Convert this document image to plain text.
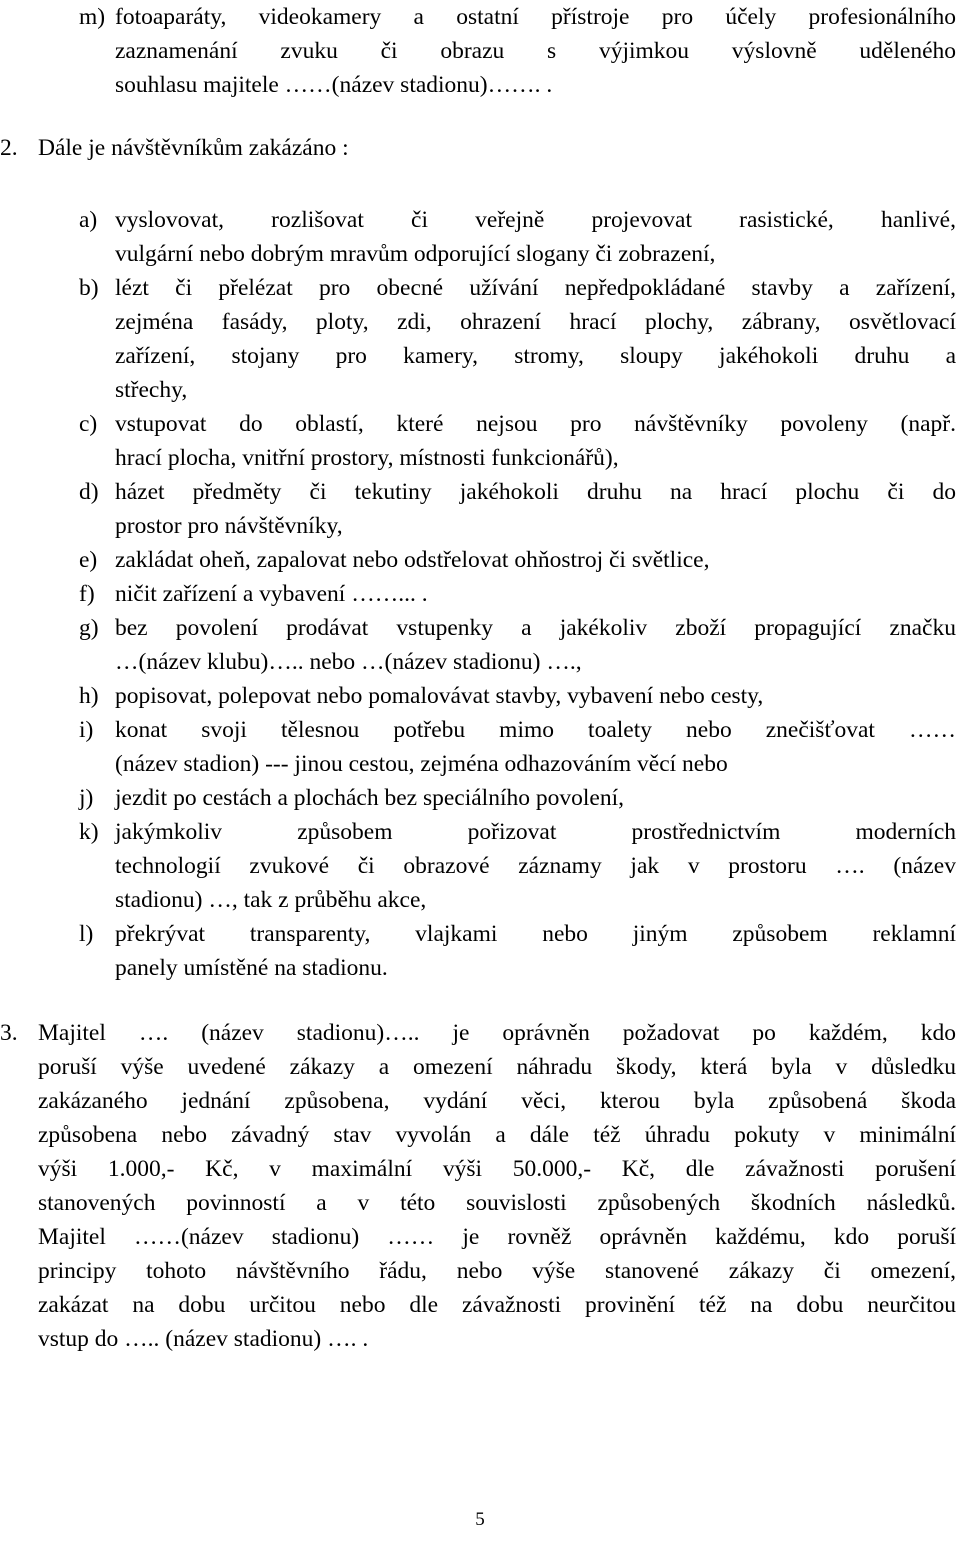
m) fotoaparáty, videokamery a ostatní přístroje pro účely profesionálního
zaznamenání zvuku či obrazu s výjimkou výslovně uděleného
souhlasu majitele ……(název stadionu)……. .
2. Dále je návštěvníkům zakázáno :
a) vyslovovat, rozlišovat či veřejně projevovat rasistické, hanlivé,
vulgární nebo dobrým mravům odporující slogany či zobrazení,
b) lézt či přelézat pro obecné užívání nepředpokládané stavby a zařízení,
zejména fasády, ploty, zdi, ohrazení hrací plochy, zábrany, osvětlovací
zařízení, stojany pro kamery, stromy, sloupy jakéhokoli druhu a
střechy,
c) vstupovat do oblastí, které nejsou pro návštěvníky povoleny (např.
hrací plocha, vnitřní prostory, místnosti funkcionářů),
d) házet předměty či tekutiny jakéhokoli druhu na hrací plochu či do
prostor pro návštěvníky,
e) zakládat oheň, zapalovat nebo odstřelovat ohňostroj či světlice,
f) ničit zařízení a vybavení ……... .
g) bez povolení prodávat vstupenky a jakékoliv zboží propagující značku
…(název klubu)….. nebo …(název stadionu) ….,
h) popisovat, polepovat nebo pomalovávat stavby, vybavení nebo cesty,
i) konat svoji tělesnou potřebu mimo toalety nebo znečišťovat ……
(název stadion) --- jinou cestou, zejména odhazováním věcí nebo
j) jezdit po cestách a plochách bez speciálního povolení,
k) jakýmkoliv způsobem pořizovat prostřednictvím moderních
technologií zvukové či obrazové záznamy jak v prostoru …. (název
stadionu) …, tak z průběhu akce,
l) překrývat transparenty, vlajkami nebo jiným způsobem reklamní
panely umístěné na stadionu.
3. Majitel …. (název stadionu)….. je oprávněn požadovat po každém, kdo
poruší výše uvedené zákazy a omezení náhradu škody, která byla v důsledku
zakázaného jednání způsobena, vydání věci, kterou byla způsobená škoda
způsobena nebo závadný stav vyvolán a dále též úhradu pokuty v minimální
výši 1.000,- Kč, v maximální výši 50.000,- Kč, dle závažnosti porušení
stanovených povinností a v této souvislosti způsobených škodních následků.
Majitel ……(název stadionu) …… je rovněž oprávněn každému, kdo poruší
principy tohoto návštěvního řádu, nebo výše stanovené zákazy či omezení,
zakázat na dobu určitou nebo dle závažnosti provinění též na dobu neurčitou
vstup do ….. (název stadionu) …. .
5
